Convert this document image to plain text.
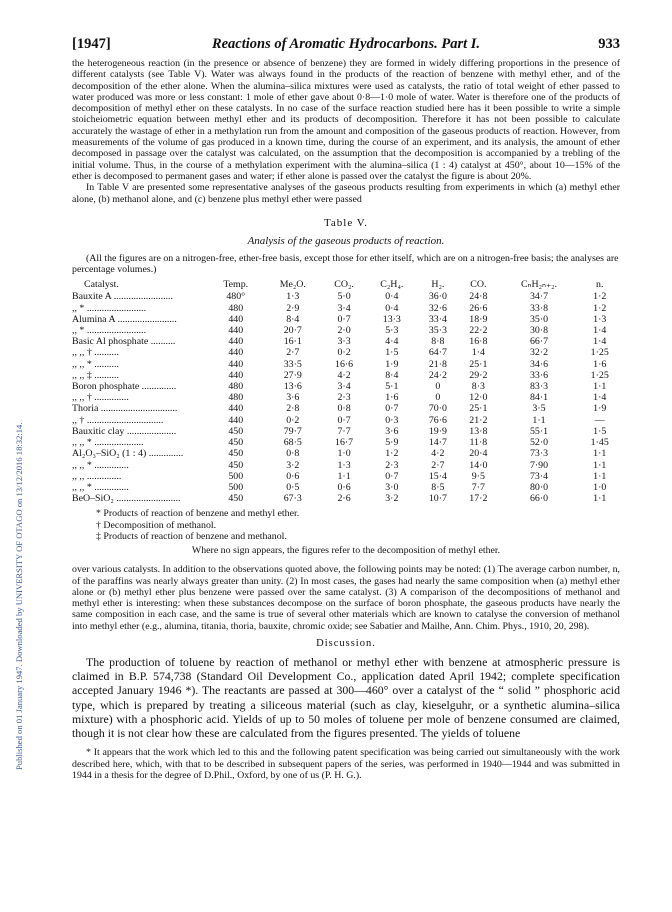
Published on 01 January 1947. Downloaded by UNIVERSITY OF OTAGO on 13/12/2016 18:32:14.
[1947]	Reactions of Aromatic Hydrocarbons. Part I.	933

the heterogeneous reaction (in the presence or absence of benzene) they are formed in widely differing proportions in the presence of different catalysts (see Table V). Water was always found in the products of the reaction of benzene with methyl ether, and of the decomposition of the ether alone. When the alumina–silica mixtures were used as catalysts, the ratio of total weight of ether passed to water produced was more or less constant: 1 mole of ether gave about 0·8—1·0 mole of water. Water is therefore one of the products of decomposition of methyl ether on these catalysts. In no case of the surface reaction studied here has it been possible to write a simple stoicheiometric equation between methyl ether and its products of decomposition. Therefore it has not been possible to calculate accurately the wastage of ether in a methylation run from the amount and composition of the gaseous products of reaction. However, from measurements of the volume of gas produced in a known time, during the course of an experiment, and its analysis, the amount of ether decomposed in passage over the catalyst was calculated, on the assumption that the decomposition is accompanied by a trebling of the initial volume. Thus, in the course of a methylation experiment with the alumina–silica (1 : 4) catalyst at 450°, about 10—15% of the ether is decomposed to permanent gases and water; if ether alone is passed over the catalyst the figure is about 20%.

In Table V are presented some representative analyses of the gaseous products resulting from experiments in which (a) methyl ether alone, (b) methanol alone, and (c) benzene plus methyl ether were passed

Table V.
Analysis of the gaseous products of reaction.

(All the figures are on a nitrogen-free, ether-free basis, except those for ether itself, which are on a nitrogen-free basis; the analyses are percentage volumes.)

Catalyst.	Temp.	Me₂O.	CO₂.	C₂H₄.	H₂.	CO.	CₙH₂ₙ₊₂.	n.
Bauxite A ........................	480°	1·3	5·0	0·4	36·0	24·8	34·7	1·2
,, * ........................	480	2·9	3·4	0·4	32·6	26·6	33·8	1·2
Alumina A ........................	440	8·4	0·7	13·3	33·4	18·9	35·0	1·3
,, * ........................	440	20·7	2·0	5·3	35·3	22·2	30·8	1·4
Basic Al phosphate ..........	440	16·1	3·3	4·4	8·8	16·8	66·7	1·4
,, ,, † ..........	440	2·7	0·2	1·5	64·7	1·4	32·2	1·25
,, ,, * ..........	440	33·5	16·6	1·9	21·8	25·1	34·6	1·6
,, ,, ‡ ..........	440	27·9	4·2	8·4	24·2	29·2	33·6	1·25
Boron phosphate ..............	480	13·6	3·4	5·1	0	8·3	83·3	1·1
,, ,, † ..............	480	3·6	2·3	1·6	0	12·0	84·1	1·4
Thoria ...............................	440	2·8	0·8	0·7	70·0	25·1	3·5	1·9
,, † ...............................	440	0·2	0·7	0·3	76·6	21·2	1·1	—
Bauxitic clay ....................	450	79·7	7·7	3·6	19·9	13·8	55·1	1·5
,, ,, * ....................	450	68·5	16·7	5·9	14·7	11·8	52·0	1·45
Al₂O₃–SiO₂ (1 : 4) ..............	450	0·8	1·0	1·2	4·2	20·4	73·3	1·1
,, ,, * ..............	450	3·2	1·3	2·3	2·7	14·0	7·90	1·1
,, ,, ..............	500	0·6	1·1	0·7	15·4	9·5	73·4	1·1
,, ,, * ..............	500	0·5	0·6	3·0	8·5	7·7	80·0	1·0
BeO–SiO₂ ..........................	450	67·3	2·6	3·2	10·7	17·2	66·0	1·1
* Products of reaction of benzene and methyl ether.
† Decomposition of methanol.
‡ Products of reaction of benzene and methanol.
Where no sign appears, the figures refer to the decomposition of methyl ether.

over various catalysts. In addition to the observations quoted above, the following points may be noted: (1) The average carbon number, n, of the paraffins was nearly always greater than unity. (2) In most cases, the gases had nearly the same composition when (a) methyl ether alone or (b) methyl ether plus benzene were passed over the same catalyst. (3) A comparison of the decompositions of methanol and methyl ether is interesting: when these substances decompose on the surface of boron phosphate, the gaseous products have nearly the same composition in each case, and the same is true of several other materials which are known to catalyse the conversion of methanol into methyl ether (e.g., alumina, titania, thoria, bauxite, chromic oxide; see Sabatier and Mailhe, Ann. Chim. Phys., 1910, 20, 298).

Discussion.

The production of toluene by reaction of methanol or methyl ether with benzene at atmospheric pressure is claimed in B.P. 574,738 (Standard Oil Development Co., application dated April 1942; complete specification accepted January 1946 *). The reactants are passed at 300—460° over a catalyst of the “ solid ” phosphoric acid type, which is prepared by treating a siliceous material (such as clay, kieselguhr, or a synthetic alumina–silica mixture) with a phosphoric acid. Yields of up to 50 moles of toluene per mole of benzene consumed are claimed, though it is not clear how these are calculated from the figures presented. The yields of toluene

* It appears that the work which led to this and the following patent specification was being carried out simultaneously with the work described here, which, with that to be described in subsequent papers of the series, was performed in 1940—1944 and was submitted in 1944 in a thesis for the degree of D.Phil., Oxford, by one of us (P. H. G.).
